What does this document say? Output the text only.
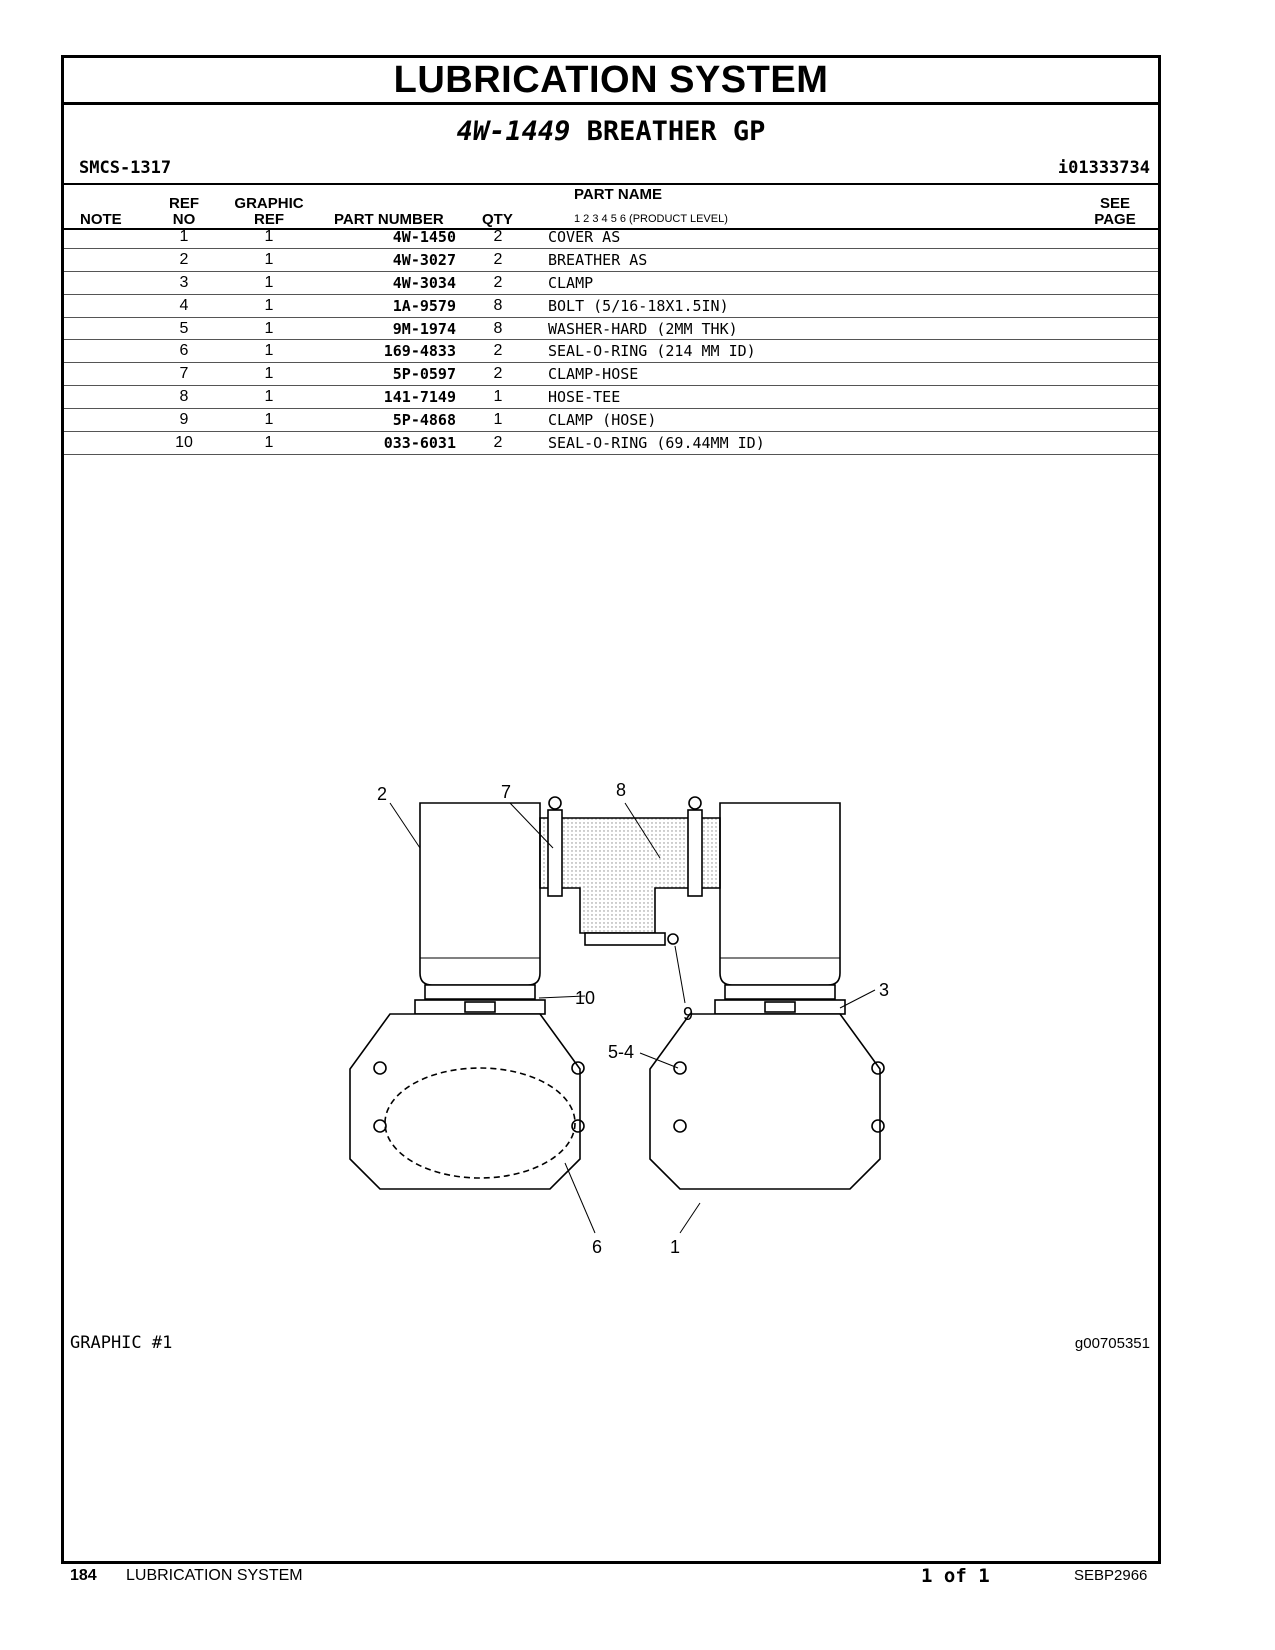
LUBRICATION SYSTEM
4W-1449 BREATHER GP
SMCS-1317	i01333734
NOTE
REF
NO
GRAPHIC
REF	PART NUMBER	QTY
PART NAME
1 2 3 4 5 6 (PRODUCT LEVEL)
SEE
PAGE
1	1	4W-1450	2	COVER AS
2	1	4W-3027	2	BREATHER AS
3	1	4W-3034	2	CLAMP
4	1	1A-9579	8	BOLT (5/16-18X1.5IN)
5	1	9M-1974	8	WASHER-HARD (2MM THK)
6	1	169-4833	2	SEAL-O-RING (214 MM ID)
7	1	5P-0597	2	CLAMP-HOSE
8	1	141-7149	1	HOSE-TEE
9	1	5P-4868	1	CLAMP (HOSE)
10	1	033-6031	2	SEAL-O-RING (69.44MM ID)
2	7	8
10
9
3
5-4
6	1
GRAPHIC #1	g00705351
184 LUBRICATION SYSTEM	1 of 1	SEBP2966
